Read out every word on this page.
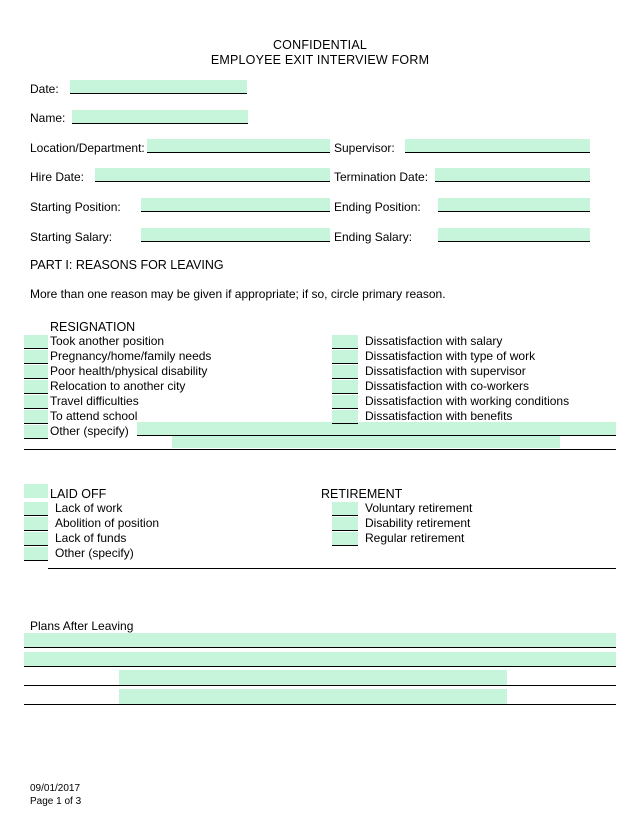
CONFIDENTIAL
EMPLOYEE EXIT INTERVIEW FORM
Date:
Name:
Location/Department:	Supervisor:
Hire Date:	Termination Date:
Starting Position:	Ending Position:
Starting Salary:	Ending Salary:
PART I: REASONS FOR LEAVING
More than one reason may be given if appropriate; if so, circle primary reason.
RESIGNATION
Took another position
Pregnancy/home/family needs
Poor health/physical disability
Relocation to another city
Travel difficulties
To attend school
Other (specify)
Dissatisfaction with salary
Dissatisfaction with type of work
Dissatisfaction with supervisor
Dissatisfaction with co-workers
Dissatisfaction with working conditions
Dissatisfaction with benefits
LAID OFF
Lack of work
Abolition of position
Lack of funds
Other (specify)
RETIREMENT
Voluntary retirement
Disability retirement
Regular retirement
Plans After Leaving
09/01/2017
Page 1 of 3
